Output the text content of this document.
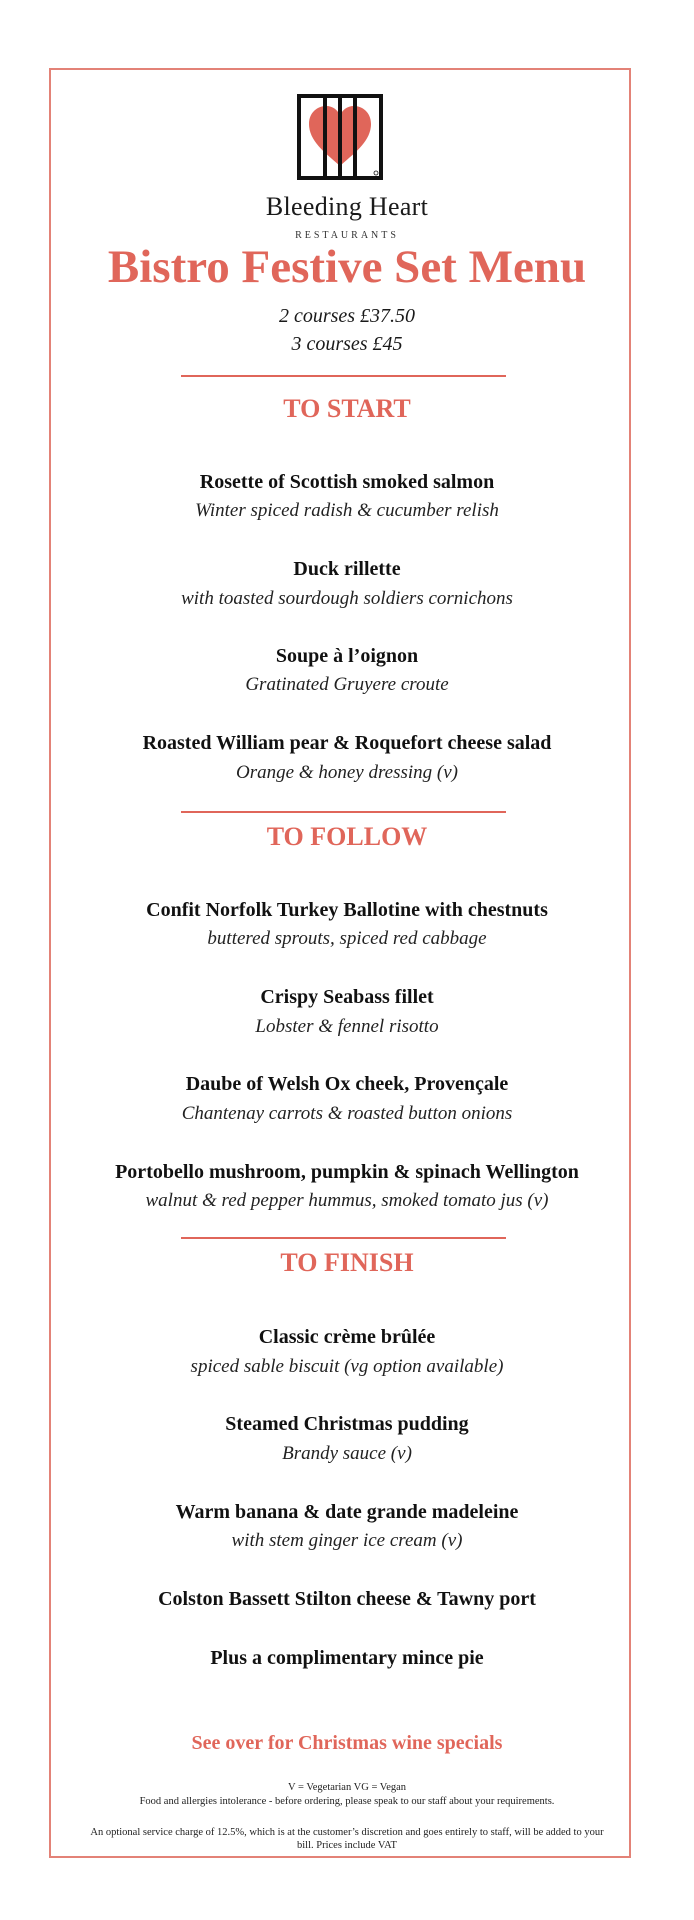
Bleeding Heart
RESTAURANTS
Bistro Festive Set Menu
2 courses £37.50
3 courses £45
TO START
Rosette of Scottish smoked salmon
Winter spiced radish & cucumber relish
Duck rillette
with toasted sourdough soldiers cornichons
Soupe à l’oignon
Gratinated Gruyere croute
Roasted William pear & Roquefort cheese salad
Orange & honey dressing (v)
TO FOLLOW
Confit Norfolk Turkey Ballotine with chestnuts
buttered sprouts, spiced red cabbage
Crispy Seabass fillet
Lobster & fennel risotto
Daube of Welsh Ox cheek, Provençale
Chantenay carrots & roasted button onions
Portobello mushroom, pumpkin & spinach Wellington
walnut & red pepper hummus, smoked tomato jus (v)
TO FINISH
Classic crème brûlée
spiced sable biscuit (vg option available)
Steamed Christmas pudding
Brandy sauce (v)
Warm banana & date grande madeleine
with stem ginger ice cream (v)
Colston Bassett Stilton cheese & Tawny port
Plus a complimentary mince pie
See over for Christmas wine specials
V = Vegetarian VG = Vegan
Food and allergies intolerance - before ordering, please speak to our staff about your requirements.
An optional service charge of 12.5%, which is at the customer’s discretion and goes entirely to staff, will be added to your
bill. Prices include VAT
